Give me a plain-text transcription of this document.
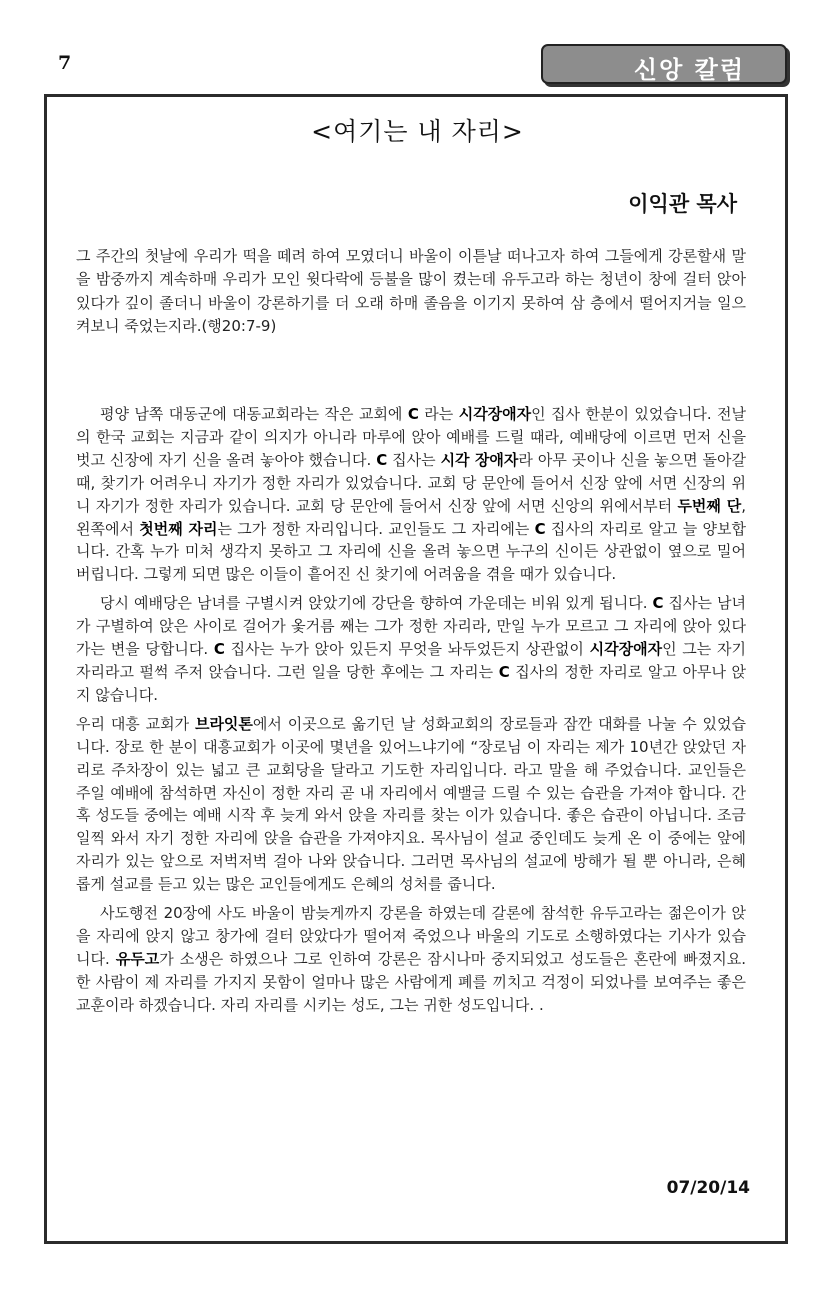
7	신앙 칼럼
<여기는 내 자리>
이익관 목사
그 주간의 첫날에 우리가 떡을 떼려 하여 모였더니 바울이 이튿날 떠나고자 하여 그들에게 강론할새 말을 밤중까지 계속하매 우리가 모인 윗다락에 등불을 많이 켰는데 유두고라 하는 청년이 창에 걸터 앉아 있다가 깊이 졸더니 바울이 강론하기를 더 오래 하매 졸음을 이기지 못하여 삼 층에서 떨어지거늘 일으켜보니 죽었는지라.(행20:7-9)

평양 남쪽 대동군에 대동교회라는 작은 교회에 C 라는 시각장애자인 집사 한분이 있었습니다. 전날의 한국 교회는 지금과 같이 의지가 아니라 마루에 앉아 예배를 드릴 때라, 예배당에 이르면 먼저 신을 벗고 신장에 자기 신을 올려 놓아야 했습니다. C 집사는 시각 장애자라 아무 곳이나 신을 놓으면 돌아갈 때, 찾기가 어려우니 자기가 정한 자리가 있었습니다. 교회 당 문안에 들어서 신장 앞에 서면 신장의 위니 자기가 정한 자리가 있습니다. 교회 당 문안에 들어서 신장 앞에 서면 신앙의 위에서부터 두번째 단, 왼쪽에서 첫번째 자리는 그가 정한 자리입니다. 교인들도 그 자리에는 C 집사의 자리로 알고 늘 양보합니다. 간혹 누가 미처 생각지 못하고 그 자리에 신을 올려 놓으면 누구의 신이든 상관없이 옆으로 밀어 버립니다. 그렇게 되면 많은 이들이 흩어진 신 찾기에 어려움을 겪을 때가 있습니다.

당시 예배당은 남녀를 구별시켜 앉았기에 강단을 향하여 가운데는 비워 있게 됩니다. C 집사는 남녀가 구별하여 앉은 사이로 걸어가 옻거름 째는 그가 정한 자리라, 만일 누가 모르고 그 자리에 앉아 있다가는 변을 당합니다. C 집사는 누가 앉아 있든지 무엇을 놔두었든지 상관없이 시각장애자인 그는 자기 자리라고 펄썩 주저 앉습니다. 그런 일을 당한 후에는 그 자리는 C 집사의 정한 자리로 알고 아무나 앉지 않습니다.

우리 대흥 교회가 브라잇톤에서 이곳으로 옮기던 날 성화교회의 장로들과 잠깐 대화를 나눌 수 있었습니다. 장로 한 분이 대흥교회가 이곳에 몇년을 있어느냐기에 “장로님 이 자리는 제가 10년간 앉았던 자리로 주차장이 있는 넓고 큰 교회당을 달라고 기도한 자리입니다. 라고 말을 해 주었습니다. 교인들은 주일 예배에 참석하면 자신이 정한 자리 곧 내 자리에서 예밸글 드릴 수 있는 습관을 가져야 합니다. 간혹 성도들 중에는 예배 시작 후 늦게 와서 앉을 자리를 찾는 이가 있습니다. 좋은 습관이 아닙니다. 조금 일찍 와서 자기 정한 자리에 앉을 습관을 가져야지요. 목사님이 설교 중인데도 늦게 온 이 중에는 앞에 자리가 있는 앞으로 저벅저벅 걸아 나와 앉습니다. 그러면 목사님의 설교에 방해가 될 뿐 아니라, 은혜롭게 설교를 듣고 있는 많은 교인들에게도 은혜의 성처를 줍니다.

사도행전 20장에 사도 바울이 밤늦게까지 강론을 하였는데 갈론에 참석한 유두고라는 젊은이가 앉을 자리에 앉지 않고 창가에 걸터 앉았다가 떨어져 죽었으나 바울의 기도로 소행하였다는 기사가 있습니다. 유두고가 소생은 하였으나 그로 인하여 강론은 잠시나마 중지되었고 성도들은 혼란에 빠졌지요. 한 사람이 제 자리를 가지지 못함이 얼마나 많은 사람에게 폐를 끼치고 걱정이 되었나를 보여주는 좋은 교훈이라 하겠습니다. 자리 자리를 시키는 성도, 그는 귀한 성도입니다. .

07/20/14
